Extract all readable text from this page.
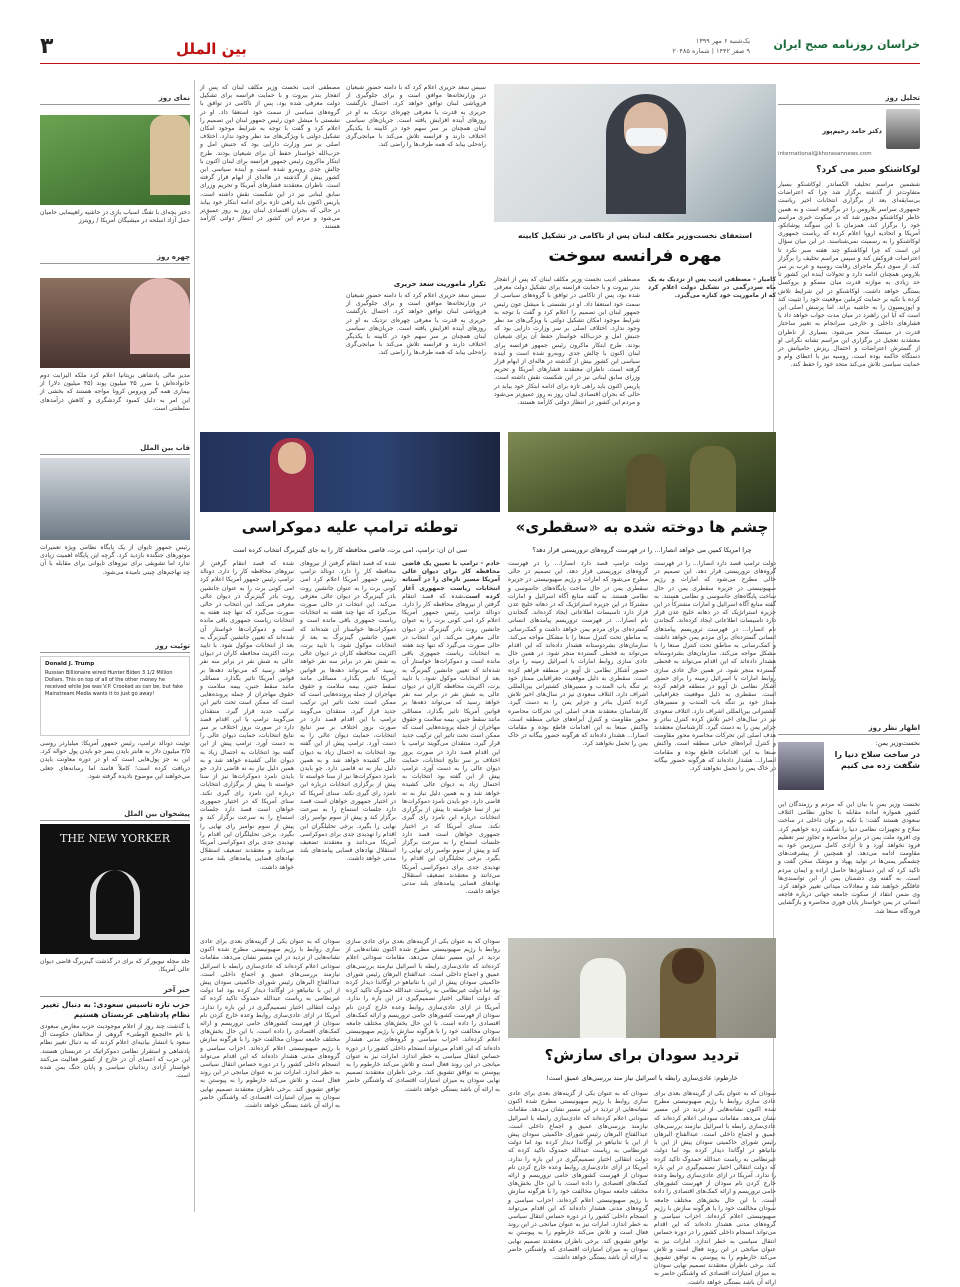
۳	بین الملل	یک‌شنبه ۶ مهر ۱۳۹۹
۹ صفر ۱۴۴۲ | شماره ۲۰۴۸۵ خراسان روزنامه صبح ایران
تحلیل روز
دکتر حامد رحیم‌پور
international@khorasannews.com
لوکاشنکو صبر می کرد؟
ششمین مراسم تحلیف الکساندر لوکاشنکو بسیار متفاوت‌تر از گذشته برگزار شد چرا که اعتراضات بی‌سابقه‌ای بعد از برگزاری انتخابات اخیر ریاست جمهوری سراسر بلاروس را در برگرفته است و به همین خاطر لوکاشنکو مجبور شد که در سکوت خبری مراسم خود را برگزار کند. همزمان با این سوگند یوشانکو، آمریکا و اتحادیه اروپا اعلام کرده که ریاست جمهوری لوکاشنکو را به رسمیت نمی‌شناسند. در این میان سؤال این است که چرا لوکاشنکو چند هفته صبر نکرد تا اعتراضات فروکش کند و سپس مراسم تحلیف را برگزار کند. از سوی دیگر ماجرای رقابت روسیه و غرب بر سر بلاروس همچنان ادامه دارد و تحولات آینده این کشور تا حد زیادی به موازنه قدرت میان مسکو و بروکسل بستگی خواهد داشت. لوکاشنکو در این شرایط تلاش کرده با تکیه بر حمایت کرملین موقعیت خود را تثبیت کند و اپوزیسیون را به حاشیه براند. اما پرسش اصلی این است که آیا این راهبرد در میان مدت جواب خواهد داد یا فشارهای داخلی و خارجی سرانجام به تغییر ساختار قدرت در مینسک منجر می‌شود. بسیاری از ناظران معتقدند تعجیل در برگزاری این مراسم نشانه نگرانی او از گسترش اعتراضات و احتمال ریزش حامیانش در دستگاه حاکمه بوده است. روسیه نیز با اعطای وام و حمایت سیاسی تلاش می‌کند متحد خود را حفظ کند.
اظهار نظر روز
نخست‌وزیر یمن:
در ساخت سلاح دنیا را شگفت زده می کنیم
نخست وزیر یمن با بیان این که مردم و رزمندگان این کشور همواره آماده مقابله با تجاوز نظامی ائتلاف سعودی هستند گفت: با تکیه بر توان داخلی در ساخت سلاح و تجهیزات نظامی دنیا را شگفت زده خواهیم کرد. وی افزود ملت یمن در برابر محاصره و تجاوز سر تعظیم فرود نخواهد آورد و تا آزادی کامل سرزمین خود به مقاومت ادامه می‌دهد. او همچنین از پیشرفت‌های چشمگیر یمنی‌ها در تولید پهپاد و موشک سخن گفت و تاکید کرد که این دستاوردها حاصل اراده و ایمان مردم است. به گفته وی دشمنان یمن از این توانمندی‌ها غافلگیر خواهند شد و معادلات میدانی تغییر خواهد کرد. وی ضمن انتقاد از سکوت جامعه جهانی درباره فاجعه انسانی در یمن خواستار پایان فوری محاصره و بازگشایی فرودگاه صنعا شد.
استعفای نخست‌وزیر مکلف لبنان پس از ناکامی در تشکیل کابینه
مهره فرانسه سوخت
کامیار - مصطفی ادیب پس از نزدیک به یک ماه سردرگمی در تشکیل دولت اعلام کرد که از ماموریت خود کناره می‌گیرد.
مصطفی ادیب نخست وزیر مکلف لبنان که پس از انفجار بندر بیروت و با حمایت فرانسه برای تشکیل دولت معرفی شده بود، پس از ناکامی در توافق با گروه‌های سیاسی از سمت خود استعفا داد. او در نشستی با میشل عون رئیس جمهور لبنان این تصمیم را اعلام کرد و گفت با توجه به شرایط موجود امکان تشکیل دولتی با ویژگی‌های مد نظر وجود ندارد. اختلاف اصلی بر سر وزارت دارایی بود که جنبش امل و حزب‌الله خواستار حفظ آن برای شیعیان بودند. طرح ابتکار ماکرون رئیس جمهور فرانسه برای لبنان اکنون با چالش جدی روبه‌رو شده است و آینده سیاسی این کشور بیش از گذشته در هاله‌ای از ابهام قرار گرفته است. ناظران معتقدند فشارهای آمریکا و تحریم وزرای سابق لبنانی نیز در این شکست نقش داشته است. پاریس اکنون باید راهی تازه برای ادامه ابتکار خود بیابد در حالی که بحران اقتصادی لبنان روز به روز عمیق‌تر می‌شود و مردم این کشور در انتظار دولتی کارآمد هستند.
سیس سعد حریری اعلام کرد که با دامنه حضور شیعیان در وزارتخانه‌ها موافق است و برای جلوگیری از فروپاشی لبنان توافق خواهد کرد. احتمال بازگشت حریری به قدرت یا معرفی چهره‌ای نزدیک به او در روزهای آینده افزایش یافته است. جریان‌های سیاسی لبنان همچنان بر سر سهم خود در کابینه با یکدیگر اختلاف دارند و فرانسه تلاش می‌کند با میانجی‌گری راه‌حلی بیابد که همه طرف‌ها را راضی کند.
تکرار ماموریت سعد حریری
سیس سعد حریری اعلام کرد که با دامنه حضور شیعیان در وزارتخانه‌ها موافق است و برای جلوگیری از فروپاشی لبنان توافق خواهد کرد. احتمال بازگشت حریری به قدرت یا معرفی چهره‌ای نزدیک به او در روزهای آینده افزایش یافته است. جریان‌های سیاسی لبنان همچنان بر سر سهم خود در کابینه با یکدیگر اختلاف دارند و فرانسه تلاش می‌کند با میانجی‌گری راه‌حلی بیابد که همه طرف‌ها را راضی کند.
مصطفی ادیب نخست وزیر مکلف لبنان که پس از انفجار بندر بیروت و با حمایت فرانسه برای تشکیل دولت معرفی شده بود، پس از ناکامی در توافق با گروه‌های سیاسی از سمت خود استعفا داد. او در نشستی با میشل عون رئیس جمهور لبنان این تصمیم را اعلام کرد و گفت با توجه به شرایط موجود امکان تشکیل دولتی با ویژگی‌های مد نظر وجود ندارد. اختلاف اصلی بر سر وزارت دارایی بود که جنبش امل و حزب‌الله خواستار حفظ آن برای شیعیان بودند. طرح ابتکار ماکرون رئیس جمهور فرانسه برای لبنان اکنون با چالش جدی روبه‌رو شده است و آینده سیاسی این کشور بیش از گذشته در هاله‌ای از ابهام قرار گرفته است. ناظران معتقدند فشارهای آمریکا و تحریم وزرای سابق لبنانی نیز در این شکست نقش داشته است. پاریس اکنون باید راهی تازه برای ادامه ابتکار خود بیابد در حالی که بحران اقتصادی لبنان روز به روز عمیق‌تر می‌شود و مردم این کشور در انتظار دولتی کارآمد هستند.
چشم ها دوخته شده به «سقطری»
چرا امریکا کمین می خواهد انصارا... را در فهرست گروه‌های تروریستی قرار دهد؟
دولت ترامپ قصد دارد انصارا... را در فهرست گروه‌های تروریستی قرار دهد. این تصمیم در حالی مطرح می‌شود که امارات و رژیم صهیونیستی در جزیره سقطری یمن در حال ساخت پایگاه‌های جاسوسی و نظامی هستند. به گفته منابع آگاه اسرائیل و امارات مشترکاً در این جزیره استراتژیک که در دهانه خلیج عدن قرار دارد تاسیسات اطلاعاتی ایجاد کرده‌اند. گنجاندن نام انصارا... در فهرست تروریسم پیامدهای انسانی گسترده‌ای برای مردم یمن خواهد داشت و کمک‌رسانی به مناطق تحت کنترل صنعا را با مشکل مواجه می‌کند. سازمان‌های بشردوستانه هشدار داده‌اند که این اقدام می‌تواند به قحطی گسترده منجر شود. در همین حال عادی سازی روابط امارات با اسرائیل زمینه را برای حضور آشکار نظامی تل آویو در منطقه فراهم کرده است. سقطری به دلیل موقعیت جغرافیایی ممتاز خود بر تنگه باب المندب و مسیرهای کشتیرانی بین‌المللی اشراف دارد. ائتلاف سعودی نیز در سال‌های اخیر تلاش کرده کنترل بنادر و جزایر یمن را به دست گیرد. کارشناسان معتقدند هدف اصلی این تحرکات محاصره محور مقاومت و کنترل آبراه‌های حیاتی منطقه است. واکنش صنعا به این اقدامات قاطع بوده و مقامات انصارا... هشدار داده‌اند که هرگونه حضور بیگانه در خاک یمن را تحمل نخواهند کرد.
دولت ترامپ قصد دارد انصارا... را در فهرست گروه‌های تروریستی قرار دهد. این تصمیم در حالی مطرح می‌شود که امارات و رژیم صهیونیستی در جزیره سقطری یمن در حال ساخت پایگاه‌های جاسوسی و نظامی هستند. به گفته منابع آگاه اسرائیل و امارات مشترکاً در این جزیره استراتژیک که در دهانه خلیج عدن قرار دارد تاسیسات اطلاعاتی ایجاد کرده‌اند. گنجاندن نام انصارا... در فهرست تروریسم پیامدهای انسانی گسترده‌ای برای مردم یمن خواهد داشت و کمک‌رسانی به مناطق تحت کنترل صنعا را با مشکل مواجه می‌کند. سازمان‌های بشردوستانه هشدار داده‌اند که این اقدام می‌تواند به قحطی گسترده منجر شود. در همین حال عادی سازی روابط امارات با اسرائیل زمینه را برای حضور آشکار نظامی تل آویو در منطقه فراهم کرده است. سقطری به دلیل موقعیت جغرافیایی ممتاز خود بر تنگه باب المندب و مسیرهای کشتیرانی بین‌المللی اشراف دارد. ائتلاف سعودی نیز در سال‌های اخیر تلاش کرده کنترل بنادر و جزایر یمن را به دست گیرد. کارشناسان معتقدند هدف اصلی این تحرکات محاصره محور مقاومت و کنترل آبراه‌های حیاتی منطقه است. واکنش صنعا به این اقدامات قاطع بوده و مقامات انصارا... هشدار داده‌اند که هرگونه حضور بیگانه در خاک یمن را تحمل نخواهند کرد.
توطئه ترامپ علیه دموکراسی
سی ان ان: ترامپ، امی برت، قاضی محافظه کار را به جای گینزبرگ انتخاب کرده است
خادم - ترامپ با تعیین یک قاضی محافظه کار برای دیوان عالی آمریکا مسیر تازه‌ای را در آستانه انتخابات ریاست جمهوری آغاز کرده است.شده که قصد انتقام گرفتن از نیروهای محافظه کار را دارد. دونالد ترامپ رئیس جمهور آمریکا اعلام کرد امی کونی برت را به عنوان جانشین روت بادر گینزبرگ در دیوان عالی معرفی می‌کند. این انتخاب در حالی صورت می‌گیرد که تنها چند هفته به انتخابات ریاست جمهوری باقی مانده است و دموکرات‌ها خواستار آن شده‌اند که تعیین جانشین گینزبرگ به بعد از انتخابات موکول شود. با تایید برت، اکثریت محافظه کاران در دیوان عالی به شش نفر در برابر سه نفر خواهد رسید که می‌تواند دهه‌ها بر قوانین آمریکا تاثیر بگذارد. مسائلی مانند سقط جنین، بیمه سلامت و حقوق مهاجران از جمله پرونده‌هایی است که ممکن است تحت تاثیر این ترکیب جدید قرار گیرد. منتقدان می‌گویند ترامپ با این اقدام قصد دارد در صورت بروز اختلاف بر سر نتایج انتخابات، حمایت دیوان عالی را به دست آورد. ترامپ پیش از این گفته بود انتخابات به احتمال زیاد به دیوان عالی کشیده خواهد شد و به همین دلیل نیاز به نه قاضی دارد. جو بایدن نامزد دموکرات‌ها نیز از سنا خواسته تا پیش از برگزاری انتخابات درباره این نامزد رای گیری نکند. سنای آمریکا که در اختیار جمهوری خواهان است قصد دارد جلسات استماع را به سرعت برگزار کند و پیش از سوم نوامبر رای نهایی را بگیرد. برخی تحلیلگران این اقدام را تهدیدی جدی برای دموکراسی آمریکا می‌دانند و معتقدند تضعیف استقلال نهادهای قضایی پیامدهای بلند مدتی خواهد داشت.
شده که قصد انتقام گرفتن از نیروهای محافظه کار را دارد. دونالد ترامپ رئیس جمهور آمریکا اعلام کرد امی کونی برت را به عنوان جانشین روت بادر گینزبرگ در دیوان عالی معرفی می‌کند. این انتخاب در حالی صورت می‌گیرد که تنها چند هفته به انتخابات ریاست جمهوری باقی مانده است و دموکرات‌ها خواستار آن شده‌اند که تعیین جانشین گینزبرگ به بعد از انتخابات موکول شود. با تایید برت، اکثریت محافظه کاران در دیوان عالی به شش نفر در برابر سه نفر خواهد رسید که می‌تواند دهه‌ها بر قوانین آمریکا تاثیر بگذارد. مسائلی مانند سقط جنین، بیمه سلامت و حقوق مهاجران از جمله پرونده‌هایی است که ممکن است تحت تاثیر این ترکیب جدید قرار گیرد. منتقدان می‌گویند ترامپ با این اقدام قصد دارد در صورت بروز اختلاف بر سر نتایج انتخابات، حمایت دیوان عالی را به دست آورد. ترامپ پیش از این گفته بود انتخابات به احتمال زیاد به دیوان عالی کشیده خواهد شد و به همین دلیل نیاز به نه قاضی دارد. جو بایدن نامزد دموکرات‌ها نیز از سنا خواسته تا پیش از برگزاری انتخابات درباره این نامزد رای گیری نکند. سنای آمریکا که در اختیار جمهوری خواهان است قصد دارد جلسات استماع را به سرعت برگزار کند و پیش از سوم نوامبر رای نهایی را بگیرد. برخی تحلیلگران این اقدام را تهدیدی جدی برای دموکراسی آمریکا می‌دانند و معتقدند تضعیف استقلال نهادهای قضایی پیامدهای بلند مدتی خواهد داشت.
شده که قصد انتقام گرفتن از نیروهای محافظه کار را دارد. دونالد ترامپ رئیس جمهور آمریکا اعلام کرد امی کونی برت را به عنوان جانشین روت بادر گینزبرگ در دیوان عالی معرفی می‌کند. این انتخاب در حالی صورت می‌گیرد که تنها چند هفته به انتخابات ریاست جمهوری باقی مانده است و دموکرات‌ها خواستار آن شده‌اند که تعیین جانشین گینزبرگ به بعد از انتخابات موکول شود. با تایید برت، اکثریت محافظه کاران در دیوان عالی به شش نفر در برابر سه نفر خواهد رسید که می‌تواند دهه‌ها بر قوانین آمریکا تاثیر بگذارد. مسائلی مانند سقط جنین، بیمه سلامت و حقوق مهاجران از جمله پرونده‌هایی است که ممکن است تحت تاثیر این ترکیب جدید قرار گیرد. منتقدان می‌گویند ترامپ با این اقدام قصد دارد در صورت بروز اختلاف بر سر نتایج انتخابات، حمایت دیوان عالی را به دست آورد. ترامپ پیش از این گفته بود انتخابات به احتمال زیاد به دیوان عالی کشیده خواهد شد و به همین دلیل نیاز به نه قاضی دارد. جو بایدن نامزد دموکرات‌ها نیز از سنا خواسته تا پیش از برگزاری انتخابات درباره این نامزد رای گیری نکند. سنای آمریکا که در اختیار جمهوری خواهان است قصد دارد جلسات استماع را به سرعت برگزار کند و پیش از سوم نوامبر رای نهایی را بگیرد. برخی تحلیلگران این اقدام را تهدیدی جدی برای دموکراسی آمریکا می‌دانند و معتقدند تضعیف استقلال نهادهای قضایی پیامدهای بلند مدتی خواهد داشت.
تردید سودان برای سازش؟
خارطوم: عادی‌سازی رابطه با اسرائیل نیاز مند بررسی‌های عمیق است!
سودان که به عنوان یکی از گزینه‌های بعدی برای عادی سازی روابط با رژیم صهیونیستی مطرح شده اکنون نشانه‌هایی از تردید در این مسیر نشان می‌دهد. مقامات سودانی اعلام کرده‌اند که عادی‌سازی رابطه با اسرائیل نیازمند بررسی‌های عمیق و اجماع داخلی است. عبدالفتاح البرهان رئیس شورای حاکمیتی سودان پیش از این با نتانیاهو در اوگاندا دیدار کرده بود اما دولت غیرنظامی به ریاست عبدالله حمدوک تاکید کرده که دولت انتقالی اختیار تصمیم‌گیری در این باره را ندارد. آمریکا در ازای عادی‌سازی روابط وعده خارج کردن نام سودان از فهرست کشورهای حامی تروریسم و ارائه کمک‌های اقتصادی را داده است. با این حال بخش‌های مختلف جامعه سودان مخالفت خود را با هرگونه سازش با رژیم صهیونیستی اعلام کرده‌اند. احزاب سیاسی و گروه‌های مدنی هشدار داده‌اند که این اقدام می‌تواند انسجام داخلی کشور را در دوره حساس انتقال سیاسی به خطر اندازد. امارات نیز به عنوان میانجی در این روند فعال است و تلاش می‌کند خارطوم را به پیوستن به توافق تشویق کند. برخی ناظران معتقدند تصمیم نهایی سودان به میزان امتیازات اقتصادی که واشنگتن حاضر به ارائه آن باشد بستگی خواهد داشت.
سودان که به عنوان یکی از گزینه‌های بعدی برای عادی سازی روابط با رژیم صهیونیستی مطرح شده اکنون نشانه‌هایی از تردید در این مسیر نشان می‌دهد. مقامات سودانی اعلام کرده‌اند که عادی‌سازی رابطه با اسرائیل نیازمند بررسی‌های عمیق و اجماع داخلی است. عبدالفتاح البرهان رئیس شورای حاکمیتی سودان پیش از این با نتانیاهو در اوگاندا دیدار کرده بود اما دولت غیرنظامی به ریاست عبدالله حمدوک تاکید کرده که دولت انتقالی اختیار تصمیم‌گیری در این باره را ندارد. آمریکا در ازای عادی‌سازی روابط وعده خارج کردن نام سودان از فهرست کشورهای حامی تروریسم و ارائه کمک‌های اقتصادی را داده است. با این حال بخش‌های مختلف جامعه سودان مخالفت خود را با هرگونه سازش با رژیم صهیونیستی اعلام کرده‌اند. احزاب سیاسی و گروه‌های مدنی هشدار داده‌اند که این اقدام می‌تواند انسجام داخلی کشور را در دوره حساس انتقال سیاسی به خطر اندازد. امارات نیز به عنوان میانجی در این روند فعال است و تلاش می‌کند خارطوم را به پیوستن به توافق تشویق کند. برخی ناظران معتقدند تصمیم نهایی سودان به میزان امتیازات اقتصادی که واشنگتن حاضر به ارائه آن باشد بستگی خواهد داشت.
سودان که به عنوان یکی از گزینه‌های بعدی برای عادی سازی روابط با رژیم صهیونیستی مطرح شده اکنون نشانه‌هایی از تردید در این مسیر نشان می‌دهد. مقامات سودانی اعلام کرده‌اند که عادی‌سازی رابطه با اسرائیل نیازمند بررسی‌های عمیق و اجماع داخلی است. عبدالفتاح البرهان رئیس شورای حاکمیتی سودان پیش از این با نتانیاهو در اوگاندا دیدار کرده بود اما دولت غیرنظامی به ریاست عبدالله حمدوک تاکید کرده که دولت انتقالی اختیار تصمیم‌گیری در این باره را ندارد. آمریکا در ازای عادی‌سازی روابط وعده خارج کردن نام سودان از فهرست کشورهای حامی تروریسم و ارائه کمک‌های اقتصادی را داده است. با این حال بخش‌های مختلف جامعه سودان مخالفت خود را با هرگونه سازش با رژیم صهیونیستی اعلام کرده‌اند. احزاب سیاسی و گروه‌های مدنی هشدار داده‌اند که این اقدام می‌تواند انسجام داخلی کشور را در دوره حساس انتقال سیاسی به خطر اندازد. امارات نیز به عنوان میانجی در این روند فعال است و تلاش می‌کند خارطوم را به پیوستن به توافق تشویق کند. برخی ناظران معتقدند تصمیم نهایی سودان به میزان امتیازات اقتصادی که واشنگتن حاضر به ارائه آن باشد بستگی خواهد داشت.
سودان که به عنوان یکی از گزینه‌های بعدی برای عادی سازی روابط با رژیم صهیونیستی مطرح شده اکنون نشانه‌هایی از تردید در این مسیر نشان می‌دهد. مقامات سودانی اعلام کرده‌اند که عادی‌سازی رابطه با اسرائیل نیازمند بررسی‌های عمیق و اجماع داخلی است. عبدالفتاح البرهان رئیس شورای حاکمیتی سودان پیش از این با نتانیاهو در اوگاندا دیدار کرده بود اما دولت غیرنظامی به ریاست عبدالله حمدوک تاکید کرده که دولت انتقالی اختیار تصمیم‌گیری در این باره را ندارد. آمریکا در ازای عادی‌سازی روابط وعده خارج کردن نام سودان از فهرست کشورهای حامی تروریسم و ارائه کمک‌های اقتصادی را داده است. با این حال بخش‌های مختلف جامعه سودان مخالفت خود را با هرگونه سازش با رژیم صهیونیستی اعلام کرده‌اند. احزاب سیاسی و گروه‌های مدنی هشدار داده‌اند که این اقدام می‌تواند انسجام داخلی کشور را در دوره حساس انتقال سیاسی به خطر اندازد. امارات نیز به عنوان میانجی در این روند فعال است و تلاش می‌کند خارطوم را به پیوستن به توافق تشویق کند. برخی ناظران معتقدند تصمیم نهایی سودان به میزان امتیازات اقتصادی که واشنگتن حاضر به ارائه آن باشد بستگی خواهد داشت.
نمای روز
دختر بچه‌ای با تفنگ اسباب بازی در حاشیه راهپیمایی حامیان حمل آزاد اسلحه در میشیگان آمریکا / رویترز
چهره روز
مدیر مالی پادشاهی بریتانیا اعلام کرد ملکه الیزابت دوم خانواده‌اش با ضرر ۳۵ میلیون پوند (۴۵ میلیون دلار) از بیماری همه گیر ویروس کرونا مواجه هستند که بخشی از این امر به دلیل کمبود گردشگری و کاهش درآمدهای سلطنتی است.
قاب بین الملل
رئیس جمهور تایوان از یک پایگاه نظامی ویژه تعمیرات موتورهای جنگنده بازدید کرد. گرچه این پایگاه اهمیت زیادی ندارد اما تشویقی برای نیروهای تایوانی برای مقابله با آن چه تهاجم‌های چینی نامیده می‌شود.
توئیت روز
Donald J. Trump
Russian Billionaire wired Hunter Biden 3 1/2 Million Dollars. This on top of all of the other money he received while Joe was V.P. Crooked as can be, but fake Mainstream Media wants it to just go away!
توئیت دونالد ترامپ، رئیس جمهور آمریکا: میلیاردر روسی ۳/۵ میلیون دلار به هانتر بایدن پسر جو بایدن پول حواله کرد. این به جز پول‌هایی است که او در دوره معاونت بایدن دریافت کرده است؛ کاملاً فاسد اما رسانه‌های جعلی می‌خواهند این موضوع نادیده گرفته شود.
پیشخوان بین الملل
THE NEW YORKER
جلد مجله نیویورکر که برای در گذشت گینزبرگ قاضی دیوان عالی آمریکا.
خبر آخر
حزب تازه تاسیس سعودی: به دنبال تغییر نظام پادشاهی عربستان هستیم
با گذشت چند روز از اعلام موجودیت حزب معارض سعودی با نام «التجمع الوطنی» گروهی از مخالفان حکومت آل سعود با انتشار بیانیه‌ای اعلام کردند که به دنبال تغییر نظام پادشاهی و استقرار نظامی دموکراتیک در عربستان هستند. این حزب که اعضای آن در خارج از کشور فعالیت می‌کنند خواستار آزادی زندانیان سیاسی و پایان جنگ یمن شده است.
